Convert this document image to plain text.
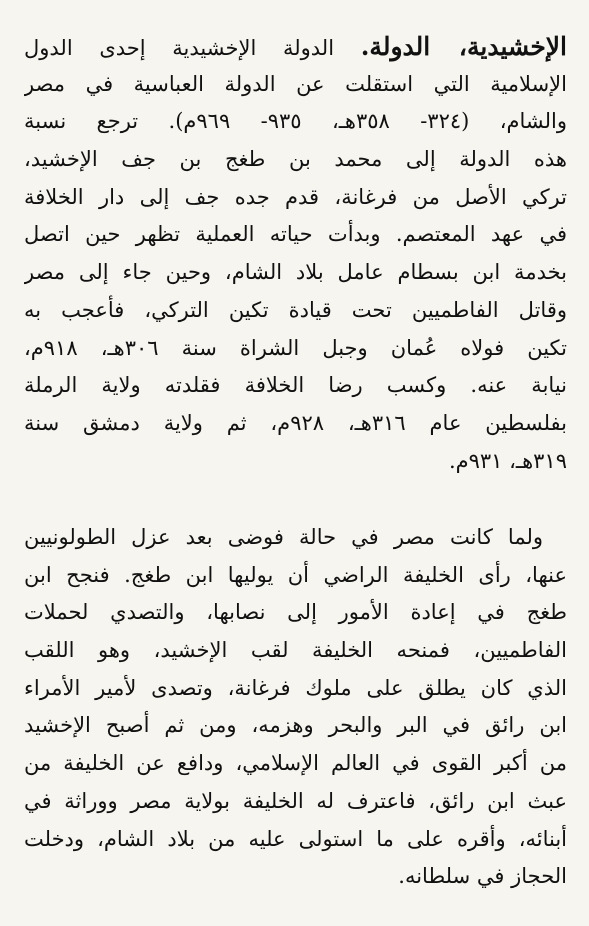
الإخشيدية، الدولة. الدولة الإخشيدية إحدى الدول
الإسلامية التي استقلت عن الدولة العباسية في مصر
والشام، (٣٢٤- ٣٥٨هـ، ٩٣٥- ٩٦٩م). ترجع نسبة
هذه الدولة إلى محمد بن طغج بن جف الإخشيد،
تركي الأصل من فرغانة، قدم جده جف إلى دار الخلافة
في عهد المعتصم. وبدأت حياته العملية تظهر حين اتصل
بخدمة ابن بسطام عامل بلاد الشام، وحين جاء إلى مصر
وقاتل الفاطميين تحت قيادة تكين التركي، فأعجب به
تكين فولاه عُمان وجبل الشراة سنة ٣٠٦هـ، ٩١٨م،
نيابة عنه. وكسب رضا الخلافة فقلدته ولاية الرملة
بفلسطين عام ٣١٦هـ، ٩٢٨م، ثم ولاية دمشق سنة
٣١٩هـ، ٩٣١م.
ولما كانت مصر في حالة فوضى بعد عزل الطولونيين
عنها، رأى الخليفة الراضي أن يوليها ابن طغج. فنجح ابن
طغج في إعادة الأمور إلى نصابها، والتصدي لحملات
الفاطميين، فمنحه الخليفة لقب الإخشيد، وهو اللقب
الذي كان يطلق على ملوك فرغانة، وتصدى لأمير الأمراء
ابن رائق في البر والبحر وهزمه، ومن ثم أصبح الإخشيد
من أكبر القوى في العالم الإسلامي، ودافع عن الخليفة من
عبث ابن رائق، فاعترف له الخليفة بولاية مصر ووراثة في
أبنائه، وأقره على ما استولى عليه من بلاد الشام، ودخلت
الحجاز في سلطانه.
